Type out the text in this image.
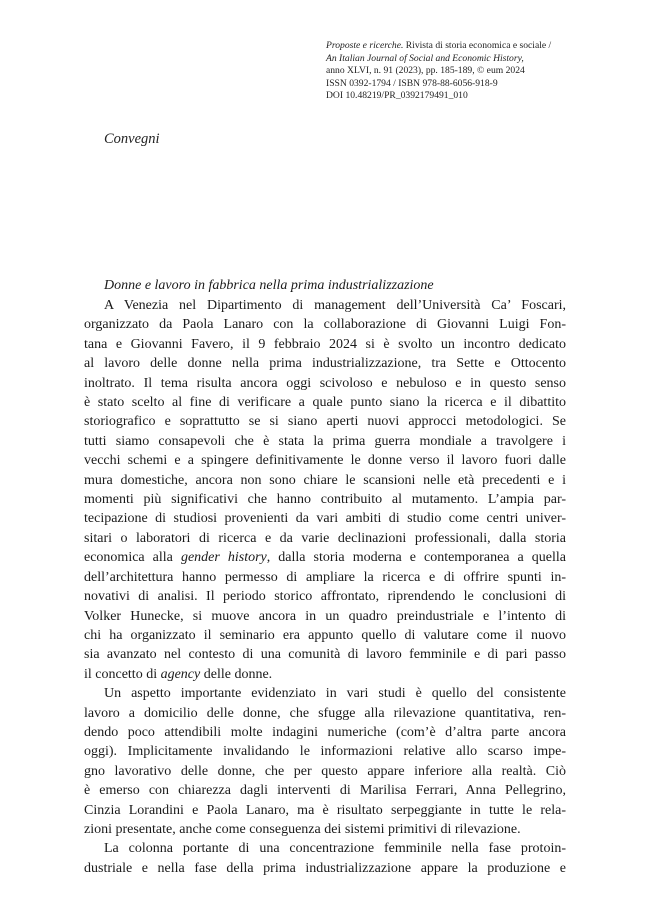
Proposte e ricerche. Rivista di storia economica e sociale /
An Italian Journal of Social and Economic History,
anno XLVI, n. 91 (2023), pp. 185-189, © eum 2024
ISSN 0392-1794 / ISBN 978-88-6056-918-9
DOI 10.48219/PR_0392179491_010
Convegni
Donne e lavoro in fabbrica nella prima industrializzazione

A Venezia nel Dipartimento di management dell’Università Ca’ Foscari,
organizzato da Paola Lanaro con la collaborazione di Giovanni Luigi Fon-
tana e Giovanni Favero, il 9 febbraio 2024 si è svolto un incontro dedicato
al lavoro delle donne nella prima industrializzazione, tra Sette e Ottocento
inoltrato. Il tema risulta ancora oggi scivoloso e nebuloso e in questo senso
è stato scelto al fine di verificare a quale punto siano la ricerca e il dibattito
storiografico e soprattutto se si siano aperti nuovi approcci metodologici. Se
tutti siamo consapevoli che è stata la prima guerra mondiale a travolgere i
vecchi schemi e a spingere definitivamente le donne verso il lavoro fuori dalle
mura domestiche, ancora non sono chiare le scansioni nelle età precedenti e i
momenti più significativi che hanno contribuito al mutamento. L’ampia par-
tecipazione di studiosi provenienti da vari ambiti di studio come centri univer-
sitari o laboratori di ricerca e da varie declinazioni professionali, dalla storia
economica alla gender history, dalla storia moderna e contemporanea a quella
dell’architettura hanno permesso di ampliare la ricerca e di offrire spunti in-
novativi di analisi. Il periodo storico affrontato, riprendendo le conclusioni di
Volker Hunecke, si muove ancora in un quadro preindustriale e l’intento di
chi ha organizzato il seminario era appunto quello di valutare come il nuovo
sia avanzato nel contesto di una comunità di lavoro femminile e di pari passo
il concetto di agency delle donne.

Un aspetto importante evidenziato in vari studi è quello del consistente
lavoro a domicilio delle donne, che sfugge alla rilevazione quantitativa, ren-
dendo poco attendibili molte indagini numeriche (com’è d’altra parte ancora
oggi). Implicitamente invalidando le informazioni relative allo scarso impe-
gno lavorativo delle donne, che per questo appare inferiore alla realtà. Ciò
è emerso con chiarezza dagli interventi di Marilisa Ferrari, Anna Pellegrino,
Cinzia Lorandini e Paola Lanaro, ma è risultato serpeggiante in tutte le rela-
zioni presentate, anche come conseguenza dei sistemi primitivi di rilevazione.

La colonna portante di una concentrazione femminile nella fase protoin-
dustriale e nella fase della prima industrializzazione appare la produzione e
